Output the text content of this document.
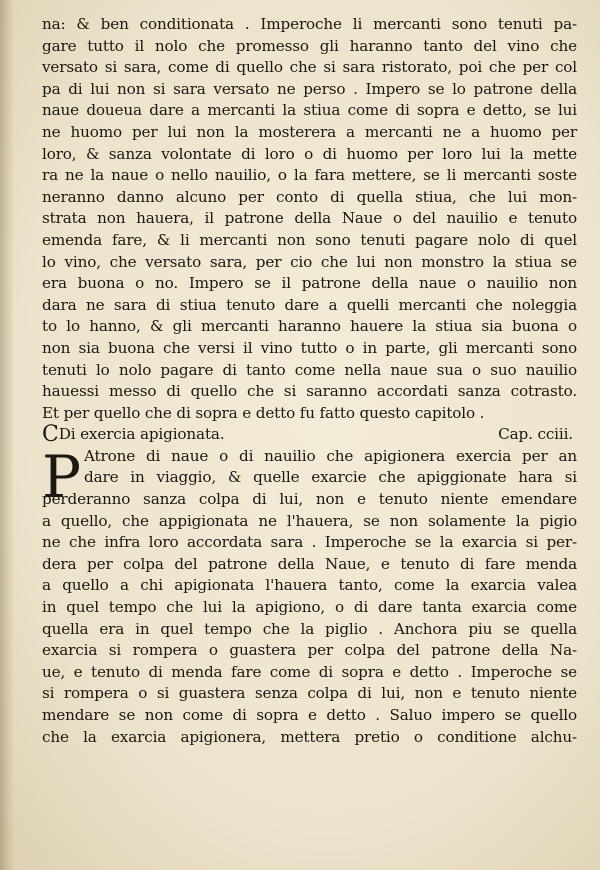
na: & ben conditionata . Imperoche li mercanti sono tenuti pa-
gare tutto il nolo che promesso gli haranno tanto del vino che
versato si sara, come di quello che si sara ristorato, poi che per col
pa di lui non si sara versato ne perso . Impero se lo patrone della
naue doueua dare a mercanti la stiua come di sopra e detto, se lui
ne huomo per lui non la mosterera a mercanti ne a huomo per
loro, & sanza volontate di loro o di huomo per loro lui la mette
ra ne la naue o nello nauilio, o la fara mettere, se li mercanti soste
neranno danno alcuno per conto di quella stiua, che lui mon-
strata non hauera, il patrone della Naue o del nauilio e tenuto
emenda fare, & li mercanti non sono tenuti pagare nolo di quel
lo vino, che versato sara, per cio che lui non monstro la stiua se
era buona o no. Impero se il patrone della naue o nauilio non
dara ne sara di stiua tenuto dare a quelli mercanti che noleggia
to lo hanno, & gli mercanti haranno hauere la stiua sia buona o
non sia buona che versi il vino tutto o in parte, gli mercanti sono
tenuti lo nolo pagare di tanto come nella naue sua o suo nauilio
hauessi messo di quello che si saranno accordati sanza cotrasto.
Et per quello che di sopra e detto fu fatto questo capitolo .
CDi exercia apigionata.	Cap. cciii.
P Atrone di naue o di nauilio che apigionera exercia per an
dare in viaggio, & quelle exarcie che apiggionate hara si
perderanno sanza colpa di lui, non e tenuto niente emendare
a quello, che appigionata ne l'hauera, se non solamente la pigio
ne che infra loro accordata sara . Imperoche se la exarcia si per-
dera per colpa del patrone della Naue, e tenuto di fare menda
a quello a chi apigionata l'hauera tanto, come la exarcia valea
in quel tempo che lui la apigiono, o di dare tanta exarcia come
quella era in quel tempo che la piglio . Anchora piu se quella
exarcia si rompera o guastera per colpa del patrone della Na-
ue, e tenuto di menda fare come di sopra e detto . Imperoche se
si rompera o si guastera senza colpa di lui, non e tenuto niente
mendare se non come di sopra e detto . Saluo impero se quello
che la exarcia apigionera, mettera pretio o conditione alchu-
